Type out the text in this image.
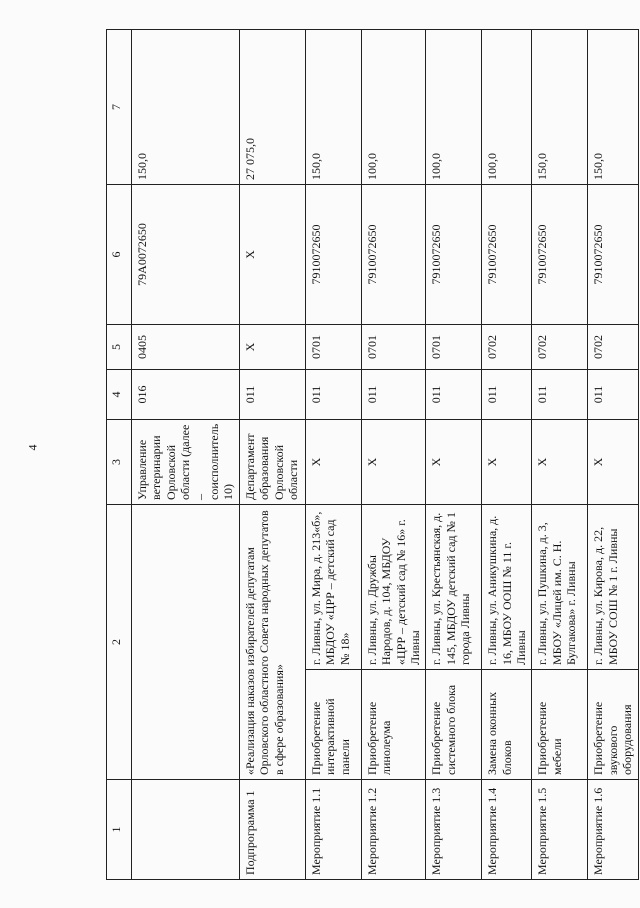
4
1	2		3	4	5	6	7
			Управление ветеринарии Орловской области (далее – соисполнитель 10)	016	0405	79А0072650	150,0
Подпрограмма 1	«Реализация наказов избирателей депутатам Орловского областного Совета народных депутатов в сфере образования»		Департамент образования Орловской области	011	Х	Х	27 075,0
Мероприятие 1.1	Приобретение интерактивной панели	г. Ливны, ул. Мира, д. 213«б», МБДОУ «ЦРР – детский сад № 18»	Х	011	0701	7910072650	150,0
Мероприятие 1.2	Приобретение линолеума	г. Ливны, ул. Дружбы Народов, д. 104, МБДОУ «ЦРР – детский сад № 16» г. Ливны	Х	011	0701	7910072650	100,0
Мероприятие 1.3	Приобретение системного блока	г. Ливны, ул. Крестьянская, д. 145, МБДОУ детский сад № 1 города Ливны	Х	011	0701	7910072650	100,0
Мероприятие 1.4	Замена оконных блоков	г. Ливны, ул. Аникушкина, д. 16, МБОУ ООШ № 11 г. Ливны	Х	011	0702	7910072650	100,0
Мероприятие 1.5	Приобретение мебели	г. Ливны, ул. Пушкина, д. 3, МБОУ «Лицей им. С. Н. Булгакова» г. Ливны	Х	011	0702	7910072650	150,0
Мероприятие 1.6	Приобретение звукового оборудования	г. Ливны, ул. Кирова, д. 22, МБОУ СОШ № 1 г. Ливны	Х	011	0702	7910072650	150,0
